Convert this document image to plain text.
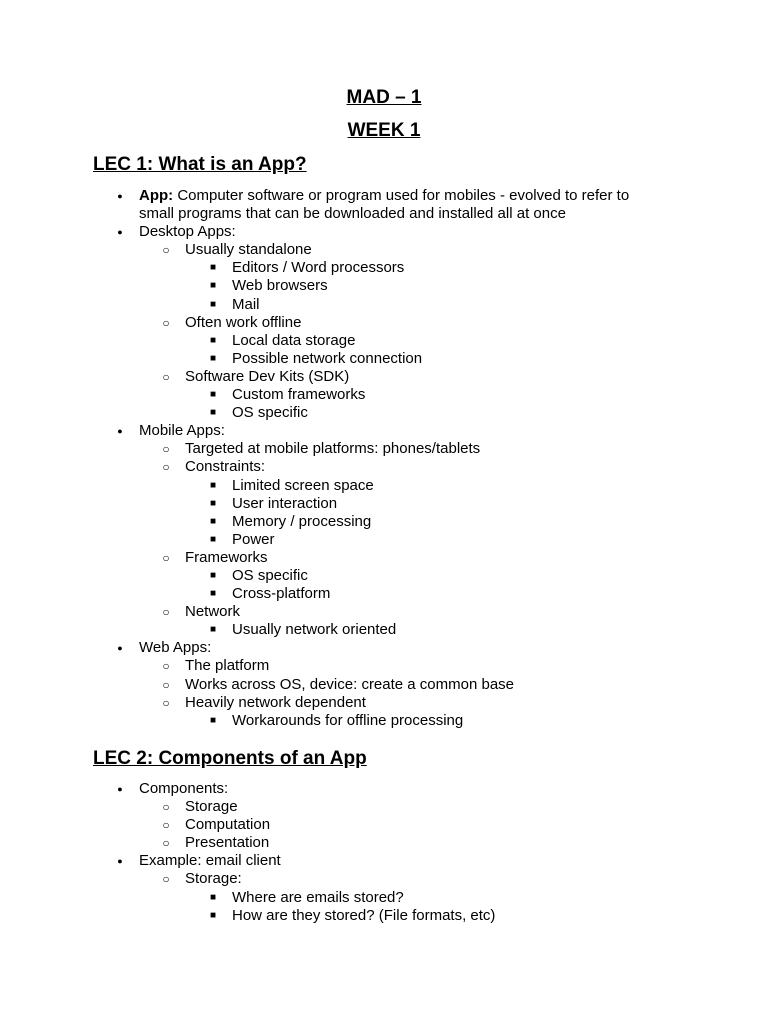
MAD – 1
WEEK 1
LEC 1: What is an App?
●
App: Computer software or program used for mobiles - evolved to refer to small programs that can be downloaded and installed all at once
●
Desktop Apps:
○
Usually standalone
■
Editors / Word processors
■
Web browsers
■
Mail
○
Often work offline
■
Local data storage
■
Possible network connection
○
Software Dev Kits (SDK)
■
Custom frameworks
■
OS specific
●
Mobile Apps:
○
Targeted at mobile platforms: phones/tablets
○
Constraints:
■
Limited screen space
■
User interaction
■
Memory / processing
■
Power
○
Frameworks
■
OS specific
■
Cross-platform
○
Network
■
Usually network oriented
●
Web Apps:
○
The platform
○
Works across OS, device: create a common base
○
Heavily network dependent
■
Workarounds for offline processing
LEC 2: Components of an App
●
Components:
○
Storage
○
Computation
○
Presentation
●
Example: email client
○
Storage:
■
Where are emails stored?
■
How are they stored? (File formats, etc)
